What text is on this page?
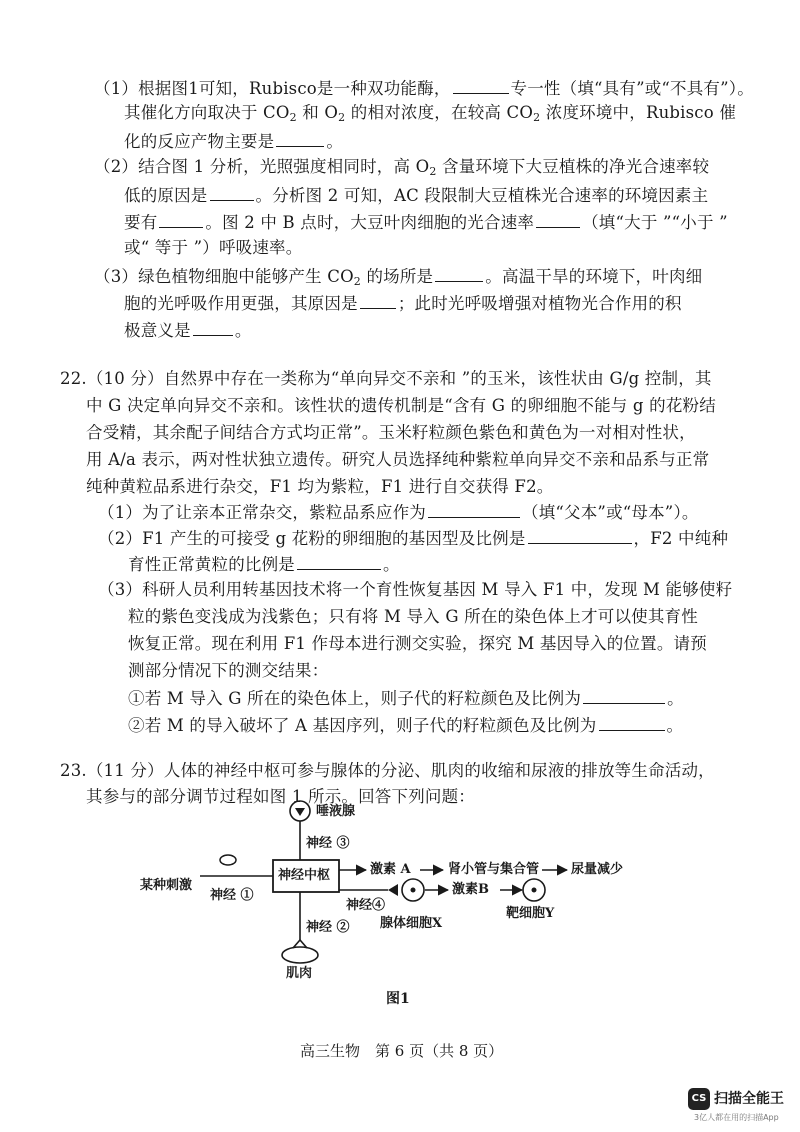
（1）根据图1可知，Rubisco是一种双功能酶，	专一性（填“具有”或“不具有”）。
其催化方向取决于 $CO_2$ 和 $O_2$ 的相对浓度，在较高 $CO_2$ 浓度环境中，Rubisco 催
化的反应产物主要是	。
（2）结合图 1 分析，光照强度相同时，高 $O_2$ 含量环境下大豆植株的净光合速率较
低的原因是	。分析图 2 可知，AC 段限制大豆植株光合速率的环境因素主
要有	。图 2 中 B 点时，大豆叶肉细胞的光合速率	（填“大于 ”“小于 ”
或“ 等于 ”）呼吸速率。
（3）绿色植物细胞中能够产生 $CO_2$ 的场所是	。高温干旱的环境下，叶肉细
胞的光呼吸作用更强，其原因是 ；此时光呼吸增强对植物光合作用的积
极意义是	。
22.（10 分）自然界中存在一类称为“单向异交不亲和 ”的玉米，该性状由 G/g 控制，其
中 G 决定单向异交不亲和。该性状的遗传机制是“含有 G 的卵细胞不能与 g 的花粉结
合受精，其余配子间结合方式均正常”。玉米籽粒颜色紫色和黄色为一对相对性状，
用 A/a 表示，两对性状独立遗传。研究人员选择纯种紫粒单向异交不亲和品系与正常
纯种黄粒品系进行杂交，F1 均为紫粒，F1 进行自交获得 F2。
（1）为了让亲本正常杂交，紫粒品系应作为	（填“父本”或“母本”）。
（2）F1 产生的可接受 g 花粉的卵细胞的基因型及比例是	，F2 中纯种
育性正常黄粒的比例是	。
（3）科研人员利用转基因技术将一个育性恢复基因 M 导入 F1 中，发现 M 能够使籽
粒的紫色变浅成为浅紫色；只有将 M 导入 G 所在的染色体上才可以使其育性
恢复正常。现在利用 F1 作母本进行测交实验，探究 M 基因导入的位置。请预
测部分情况下的测交结果：
①若 M 导入 G 所在的染色体上，则子代的籽粒颜色及比例为	。
②若 M 的导入破坏了 A 基因序列，则子代的籽粒颜色及比例为	。
23.（11 分）人体的神经中枢可参与腺体的分泌、肌肉的收缩和尿液的排放等生命活动，
其参与的部分调节过程如图 1 所示。回答下列问题：
唾液腺
神经 ③
神经中枢
某种刺激
神经 ①
激素 A	肾小管与集合管 尿量减少
神经④
激素B
靶细胞Y
腺体细胞X
神经 ②
肌肉
图1
高三生物　第 6 页（共 8 页）
CS 扫描全能王
3亿人都在用的扫描App
